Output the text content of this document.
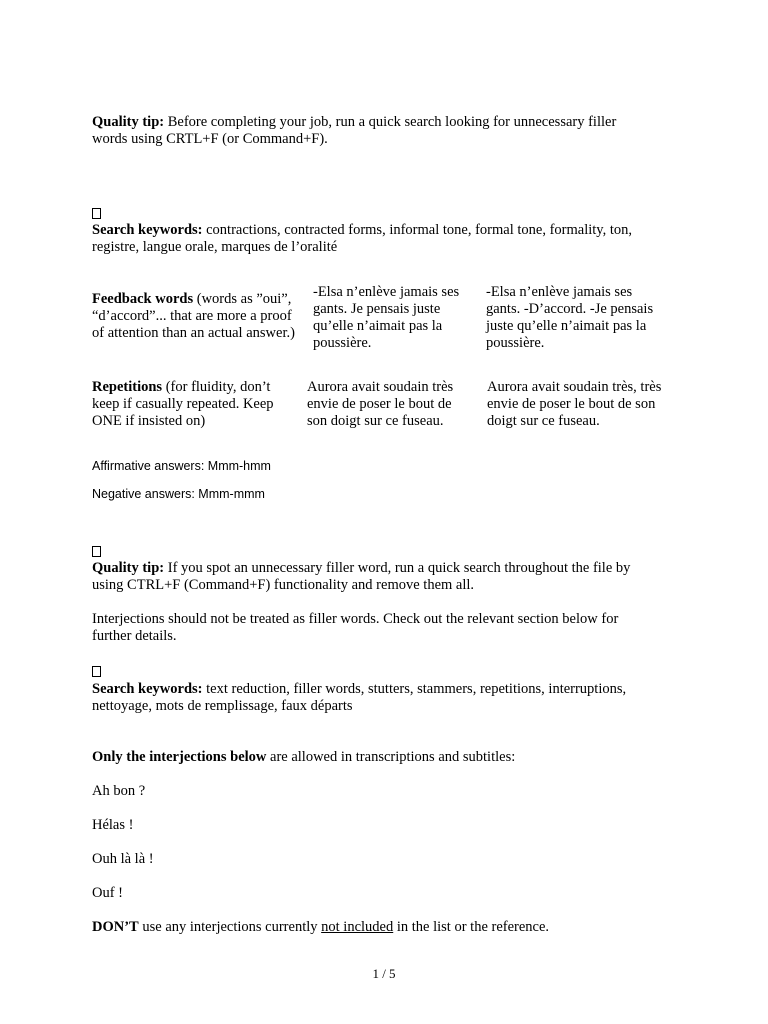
Quality tip: Before completing your job, run a quick search looking for unnecessary filler
words using CRTL+F (or Command+F).
Search keywords: contractions, contracted forms, informal tone, formal tone, formality, ton,
registre, langue orale, marques de l’oralité
Feedback words (words as ”oui”,
“d’accord”... that are more a proof
of attention than an actual answer.)
-Elsa n’enlève jamais ses
gants. Je pensais juste
qu’elle n’aimait pas la
poussière.
-Elsa n’enlève jamais ses
gants. -D’accord. -Je pensais
juste qu’elle n’aimait pas la
poussière.
Repetitions (for fluidity, don’t
keep if casually repeated. Keep
ONE if insisted on)
Aurora avait soudain très
envie de poser le bout de
son doigt sur ce fuseau.
Aurora avait soudain très, très
envie de poser le bout de son
doigt sur ce fuseau.
Affirmative answers: Mmm-hmm
Negative answers: Mmm-mmm
Quality tip: If you spot an unnecessary filler word, run a quick search throughout the file by
using CTRL+F (Command+F) functionality and remove them all.
Interjections should not be treated as filler words. Check out the relevant section below for
further details.
Search keywords: text reduction, filler words, stutters, stammers, repetitions, interruptions,
nettoyage, mots de remplissage, faux départs
Only the interjections below are allowed in transcriptions and subtitles:
Ah bon ?
Hélas !
Ouh là là !
Ouf !
DON’T use any interjections currently not included in the list or the reference.
1 / 5
